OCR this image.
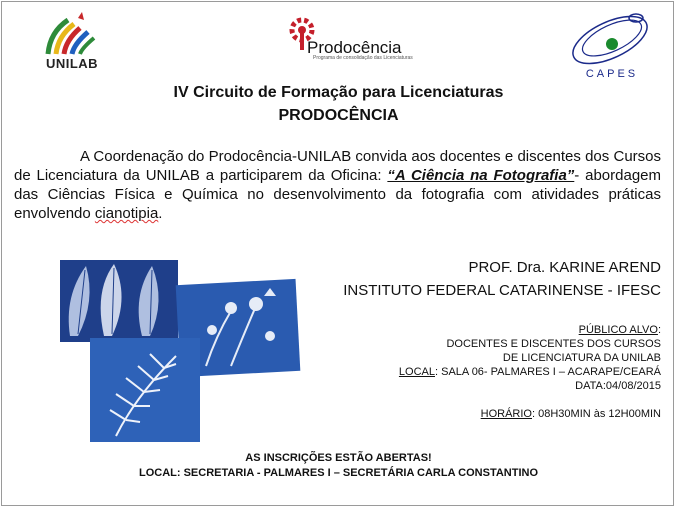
UNILAB
Prodocência
Programa de consolidação das Licenciaturas
CAPES
IV Circuito de Formação para Licenciaturas
PRODOCÊNCIA
A Coordenação do Prodocência-UNILAB convida aos docentes e discentes dos Cursos de Licenciatura da UNILAB a participarem da Oficina: “A Ciência na Fotografia”- abordagem das Ciências Física e Química no desenvolvimento da fotografia com atividades práticas envolvendo cianotipia.
PROF. Dra. KARINE AREND
INSTITUTO FEDERAL CATARINENSE - IFESC
PÚBLICO ALVO:
DOCENTES E DISCENTES DOS CURSOS
DE LICENCIATURA DA UNILAB
LOCAL: SALA 06- PALMARES I – ACARAPE/CEARÁ
DATA:04/08/2015
HORÁRIO: 08H30MIN às 12H00MIN
AS INSCRIÇÕES ESTÃO ABERTAS!
LOCAL: SECRETARIA - PALMARES I – SECRETÁRIA CARLA CONSTANTINO
